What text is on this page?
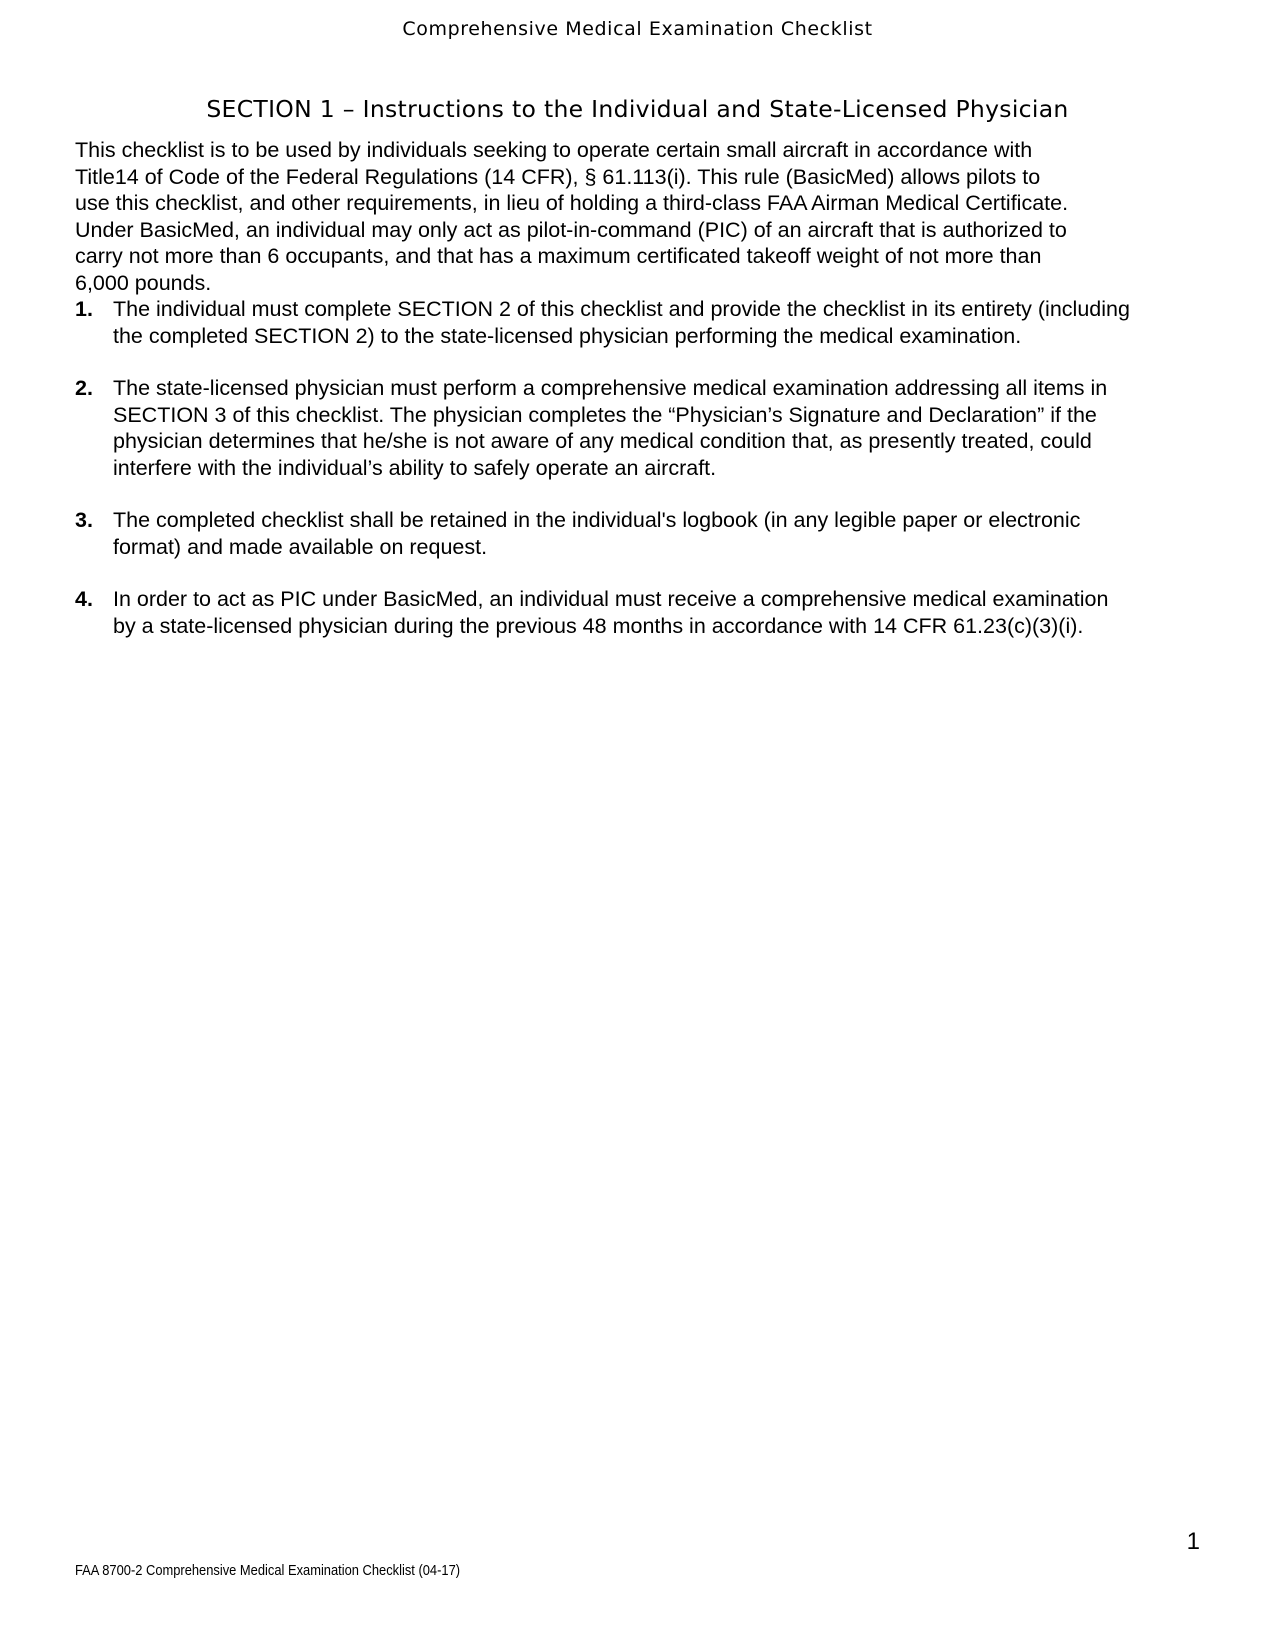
Comprehensive Medical Examination Checklist
SECTION 1 – Instructions to the Individual and State-Licensed Physician
This checklist is to be used by individuals seeking to operate certain small aircraft in accordance with
Title14 of Code of the Federal Regulations (14 CFR), § 61.113(i). This rule (BasicMed) allows pilots to
use this checklist, and other requirements, in lieu of holding a third-class FAA Airman Medical Certificate.
Under BasicMed, an individual may only act as pilot-in-command (PIC) of an aircraft that is authorized to
carry not more than 6 occupants, and that has a maximum certificated takeoff weight of not more than
6,000 pounds.
1. The individual must complete SECTION 2 of this checklist and provide the checklist in its entirety (including
the completed SECTION 2) to the state-licensed physician performing the medical examination.
2. The state-licensed physician must perform a comprehensive medical examination addressing all items in
SECTION 3 of this checklist. The physician completes the “Physician’s Signature and Declaration” if the
physician determines that he/she is not aware of any medical condition that, as presently treated, could
interfere with the individual’s ability to safely operate an aircraft.
3. The completed checklist shall be retained in the individual's logbook (in any legible paper or electronic
format) and made available on request.
4. In order to act as PIC under BasicMed, an individual must receive a comprehensive medical examination
by a state-licensed physician during the previous 48 months in accordance with 14 CFR 61.23(c)(3)(i).
1
FAA 8700-2 Comprehensive Medical Examination Checklist (04-17)
